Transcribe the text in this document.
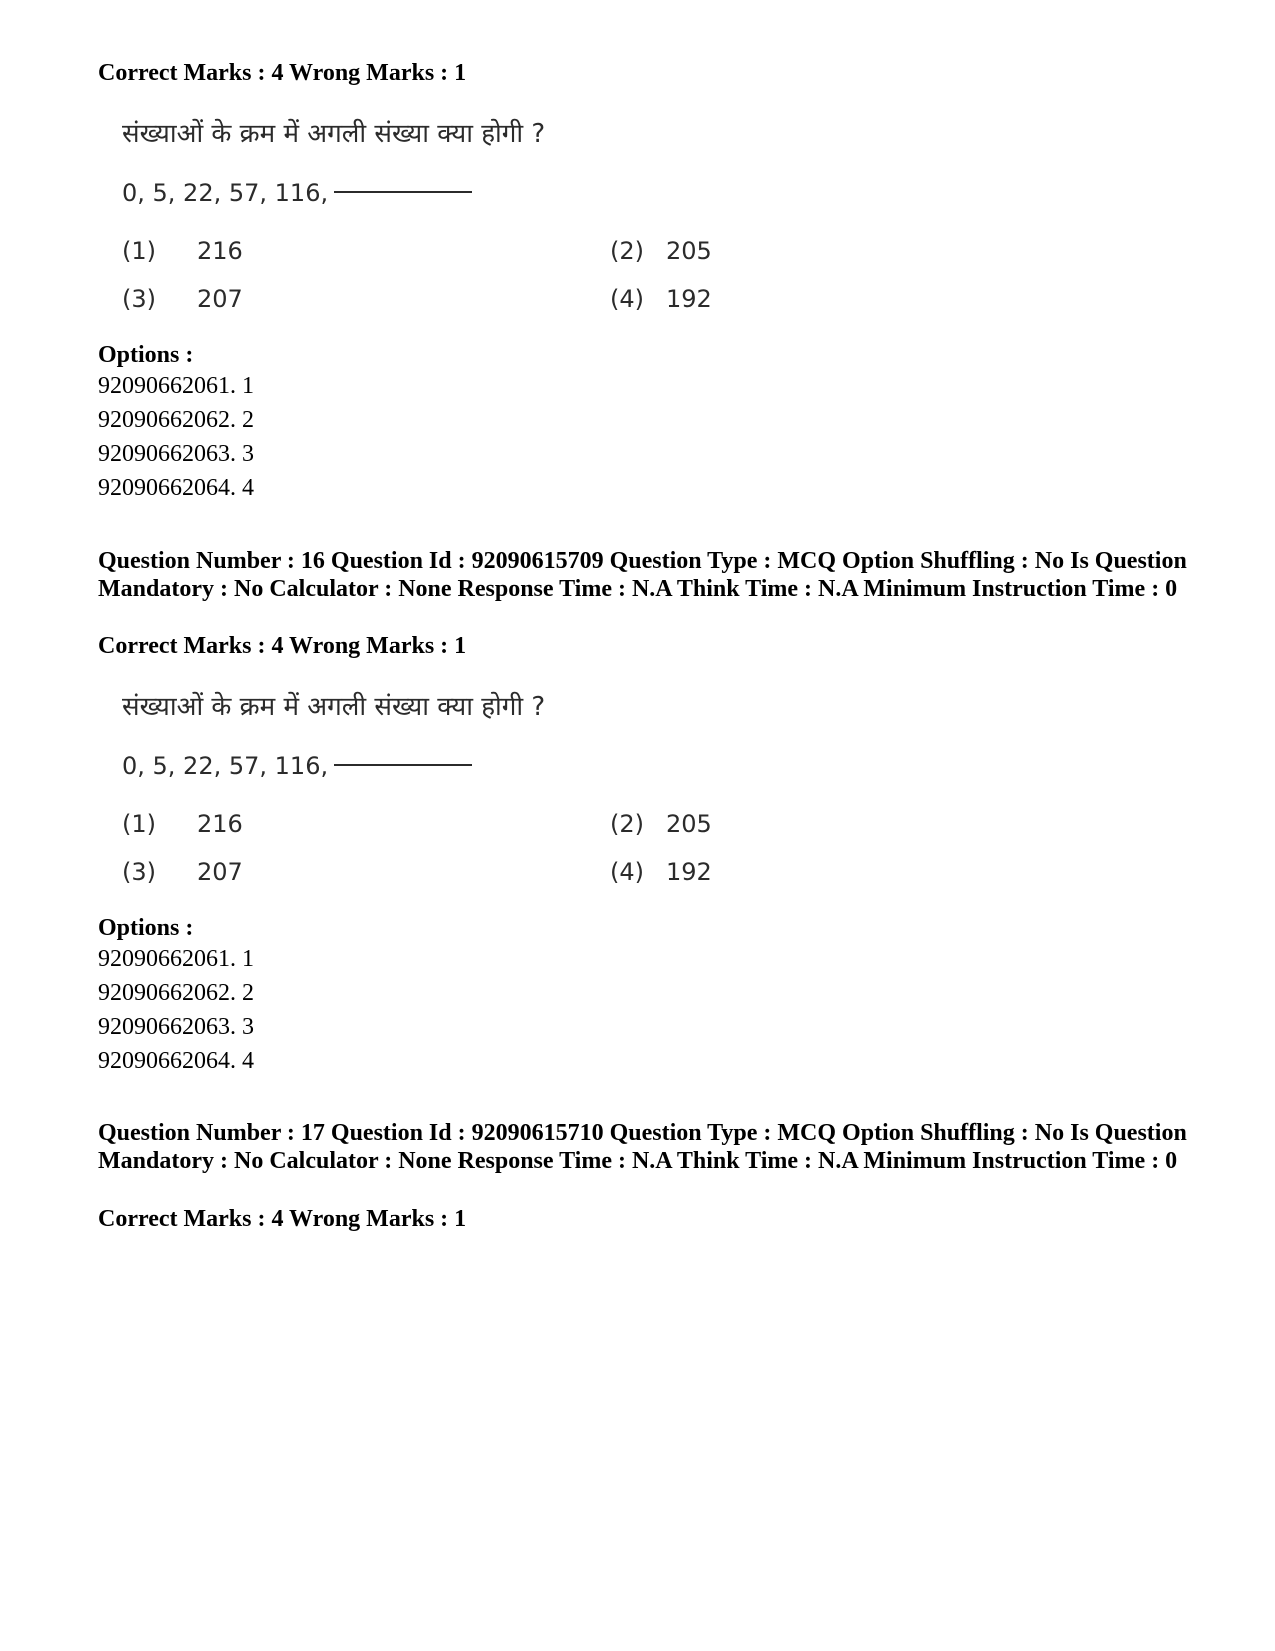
Correct Marks : 4 Wrong Marks : 1
संख्याओं के क्रम में अगली संख्या क्या होगी ?
0, 5, 22, 57, 116,
(1) 216	(2) 205
(3) 207	(4) 192
Options :
92090662061. 1
92090662062. 2
92090662063. 3
92090662064. 4
Question Number : 16 Question Id : 92090615709 Question Type : MCQ Option Shuffling : No Is Question Mandatory : No Calculator : None Response Time : N.A Think Time : N.A Minimum Instruction Time : 0
Correct Marks : 4 Wrong Marks : 1
संख्याओं के क्रम में अगली संख्या क्या होगी ?
0, 5, 22, 57, 116,
(1) 216	(2) 205
(3) 207	(4) 192
Options :
92090662061. 1
92090662062. 2
92090662063. 3
92090662064. 4
Question Number : 17 Question Id : 92090615710 Question Type : MCQ Option Shuffling : No Is Question Mandatory : No Calculator : None Response Time : N.A Think Time : N.A Minimum Instruction Time : 0
Correct Marks : 4 Wrong Marks : 1
